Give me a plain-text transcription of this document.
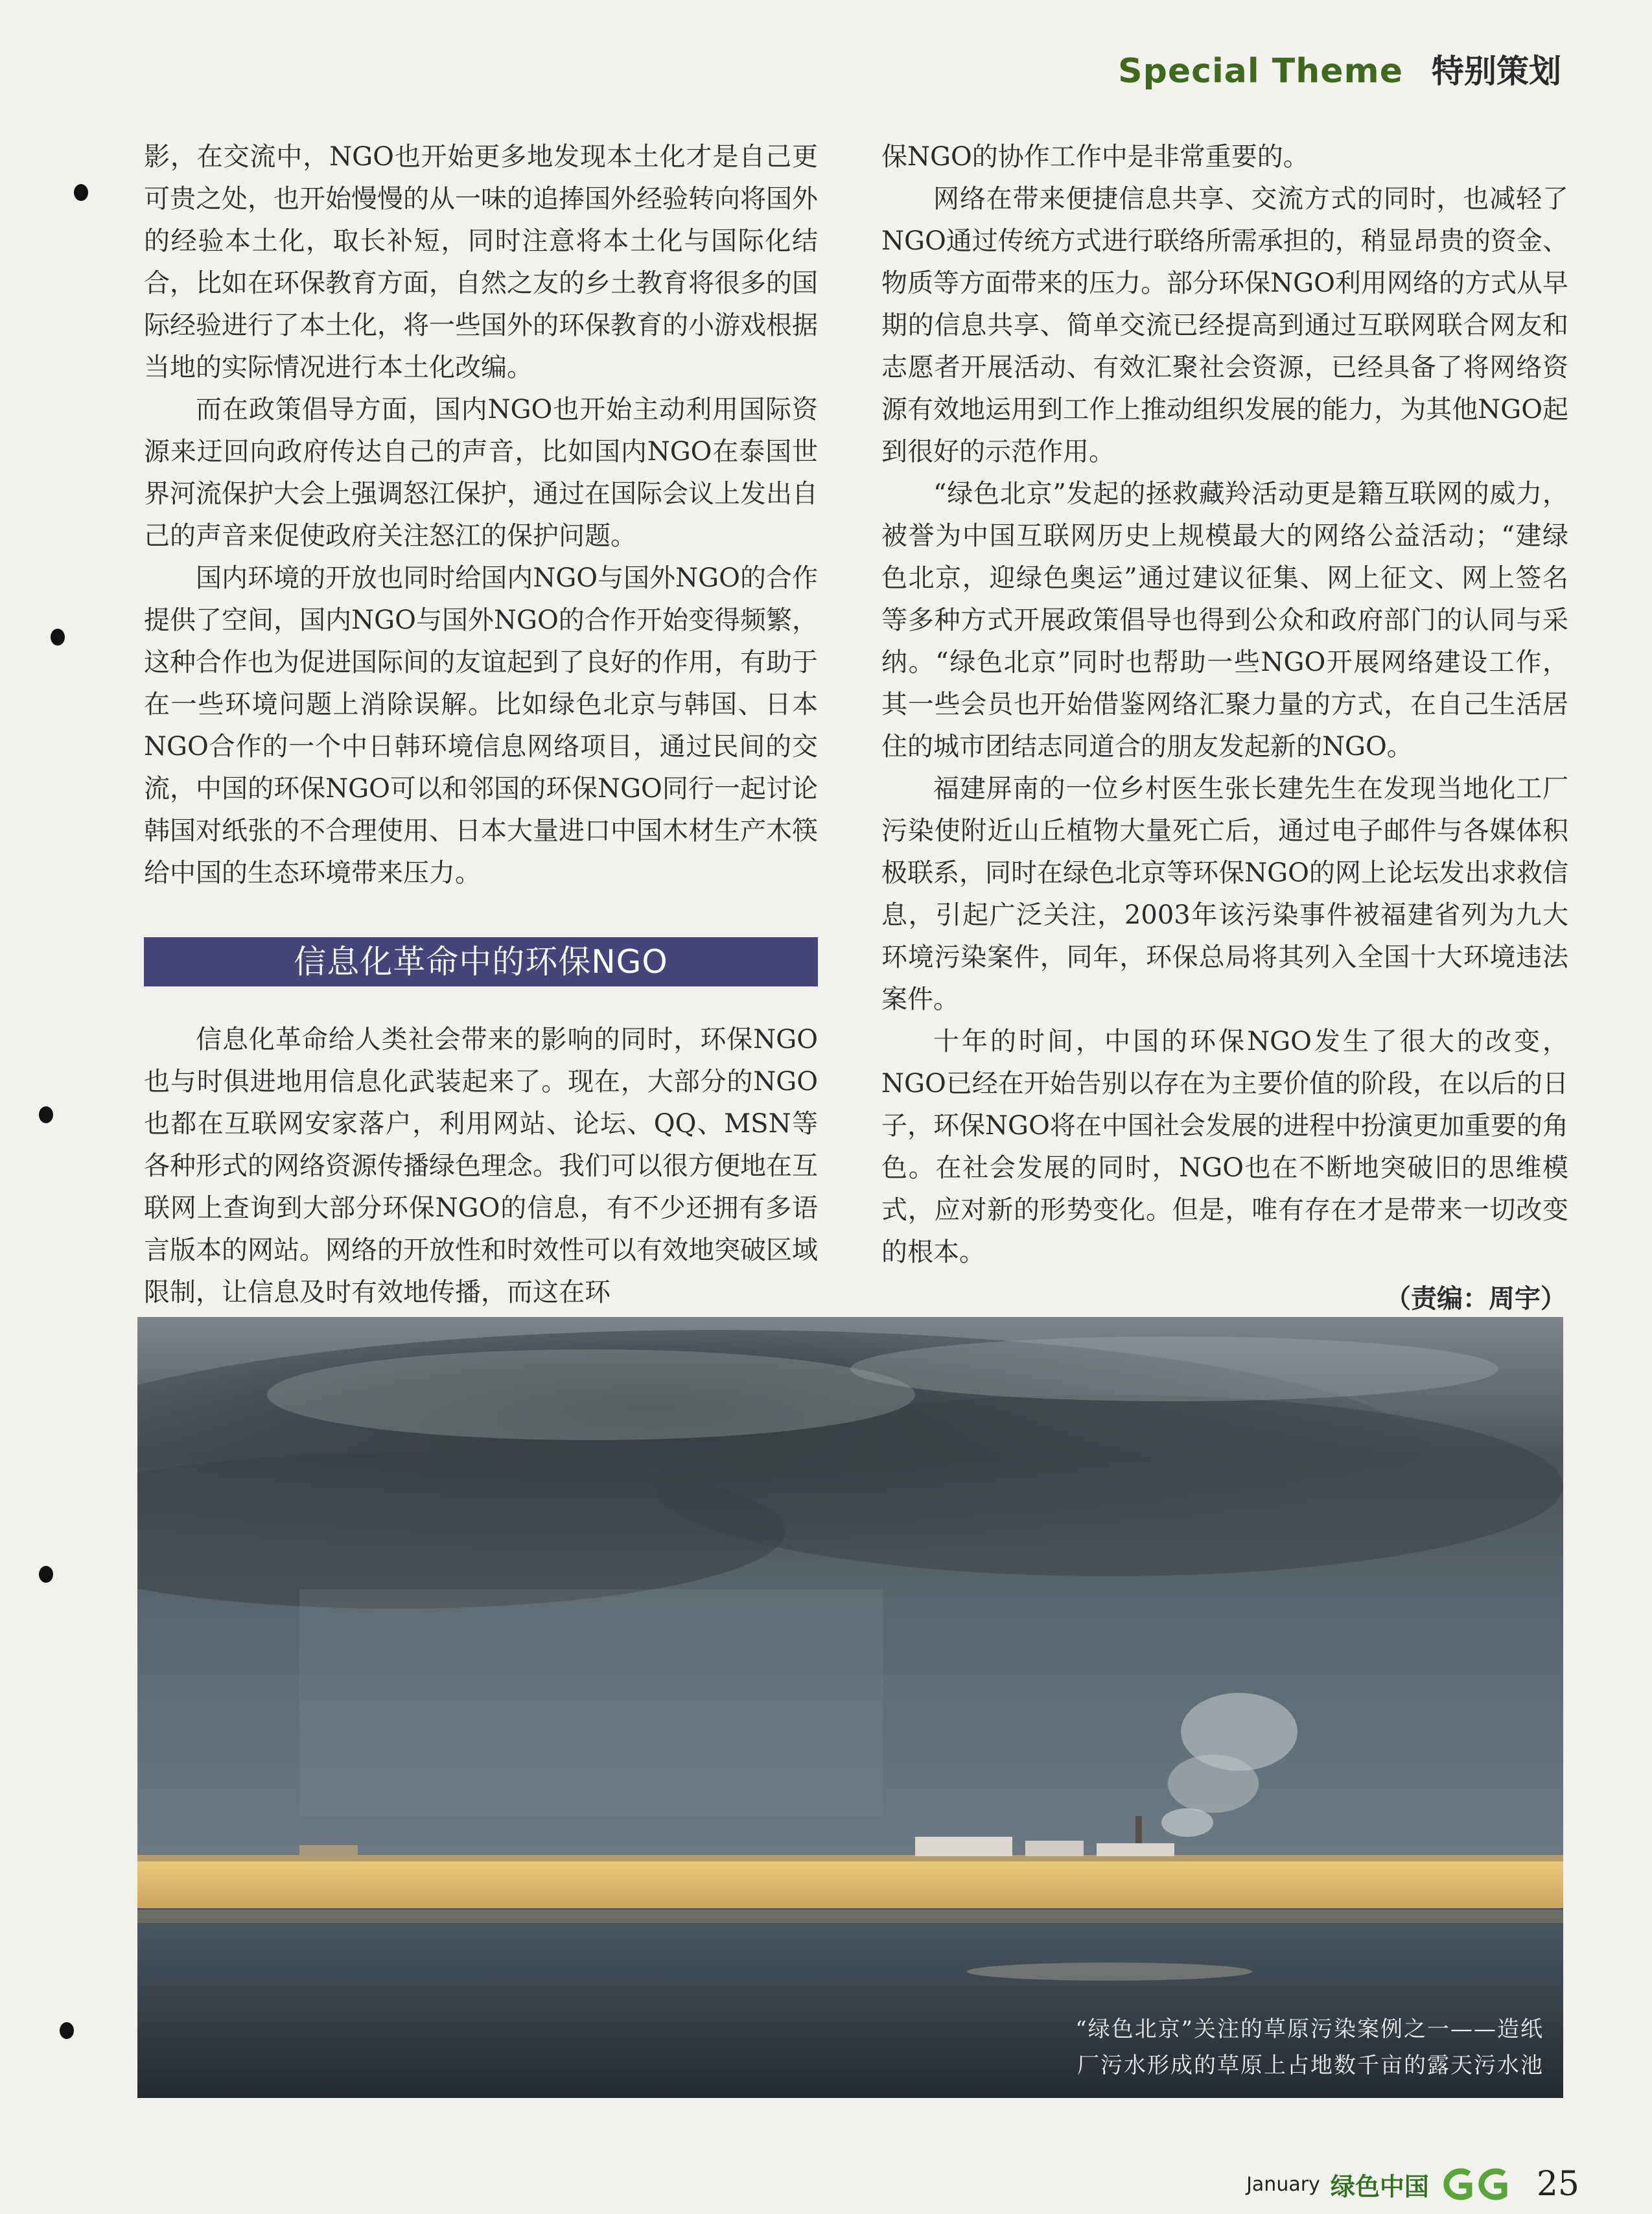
Special Theme 特别策划

影，在交流中，NGO也开始更多地发现本土化才是自己更可贵之处，也开始慢慢的从一味的追捧国外经验转向将国外的经验本土化，取长补短，同时注意将本土化与国际化结合，比如在环保教育方面，自然之友的乡土教育将很多的国际经验进行了本土化，将一些国外的环保教育的小游戏根据当地的实际情况进行本土化改编。

而在政策倡导方面，国内NGO也开始主动利用国际资源来迂回向政府传达自己的声音，比如国内NGO在泰国世界河流保护大会上强调怒江保护，通过在国际会议上发出自己的声音来促使政府关注怒江的保护问题。

国内环境的开放也同时给国内NGO与国外NGO的合作提供了空间，国内NGO与国外NGO的合作开始变得频繁，这种合作也为促进国际间的友谊起到了良好的作用，有助于在一些环境问题上消除误解。比如绿色北京与韩国、日本NGO合作的一个中日韩环境信息网络项目，通过民间的交流，中国的环保NGO可以和邻国的环保NGO同行一起讨论韩国对纸张的不合理使用、日本大量进口中国木材生产木筷给中国的生态环境带来压力。

信息化革命中的环保NGO

信息化革命给人类社会带来的影响的同时，环保NGO也与时俱进地用信息化武装起来了。现在，大部分的NGO也都在互联网安家落户，利用网站、论坛、QQ、MSN等各种形式的网络资源传播绿色理念。我们可以很方便地在互联网上查询到大部分环保NGO的信息，有不少还拥有多语言版本的网站。网络的开放性和时效性可以有效地突破区域限制，让信息及时有效地传播，而这在环

保NGO的协作工作中是非常重要的。

网络在带来便捷信息共享、交流方式的同时，也减轻了NGO通过传统方式进行联络所需承担的，稍显昂贵的资金、物质等方面带来的压力。部分环保NGO利用网络的方式从早期的信息共享、简单交流已经提高到通过互联网联合网友和志愿者开展活动、有效汇聚社会资源，已经具备了将网络资源有效地运用到工作上推动组织发展的能力，为其他NGO起到很好的示范作用。

“绿色北京”发起的拯救藏羚活动更是籍互联网的威力，被誉为中国互联网历史上规模最大的网络公益活动；“建绿色北京，迎绿色奥运”通过建议征集、网上征文、网上签名等多种方式开展政策倡导也得到公众和政府部门的认同与采纳。“绿色北京”同时也帮助一些NGO开展网络建设工作，其一些会员也开始借鉴网络汇聚力量的方式，在自己生活居住的城市团结志同道合的朋友发起新的NGO。

福建屏南的一位乡村医生张长建先生在发现当地化工厂污染使附近山丘植物大量死亡后，通过电子邮件与各媒体积极联系，同时在绿色北京等环保NGO的网上论坛发出求救信息，引起广泛关注，2003年该污染事件被福建省列为九大环境污染案件，同年，环保总局将其列入全国十大环境违法案件。

十年的时间，中国的环保NGO发生了很大的改变，NGO已经在开始告别以存在为主要价值的阶段，在以后的日子，环保NGO将在中国社会发展的进程中扮演更加重要的角色。在社会发展的同时，NGO也在不断地突破旧的思维模式，应对新的形势变化。但是，唯有存在才是带来一切改变的根本。

（责编：周宇）
“绿色北京”关注的草原污染案例之一——造纸
厂污水形成的草原上占地数千亩的露天污水池
January 绿色中国	25
